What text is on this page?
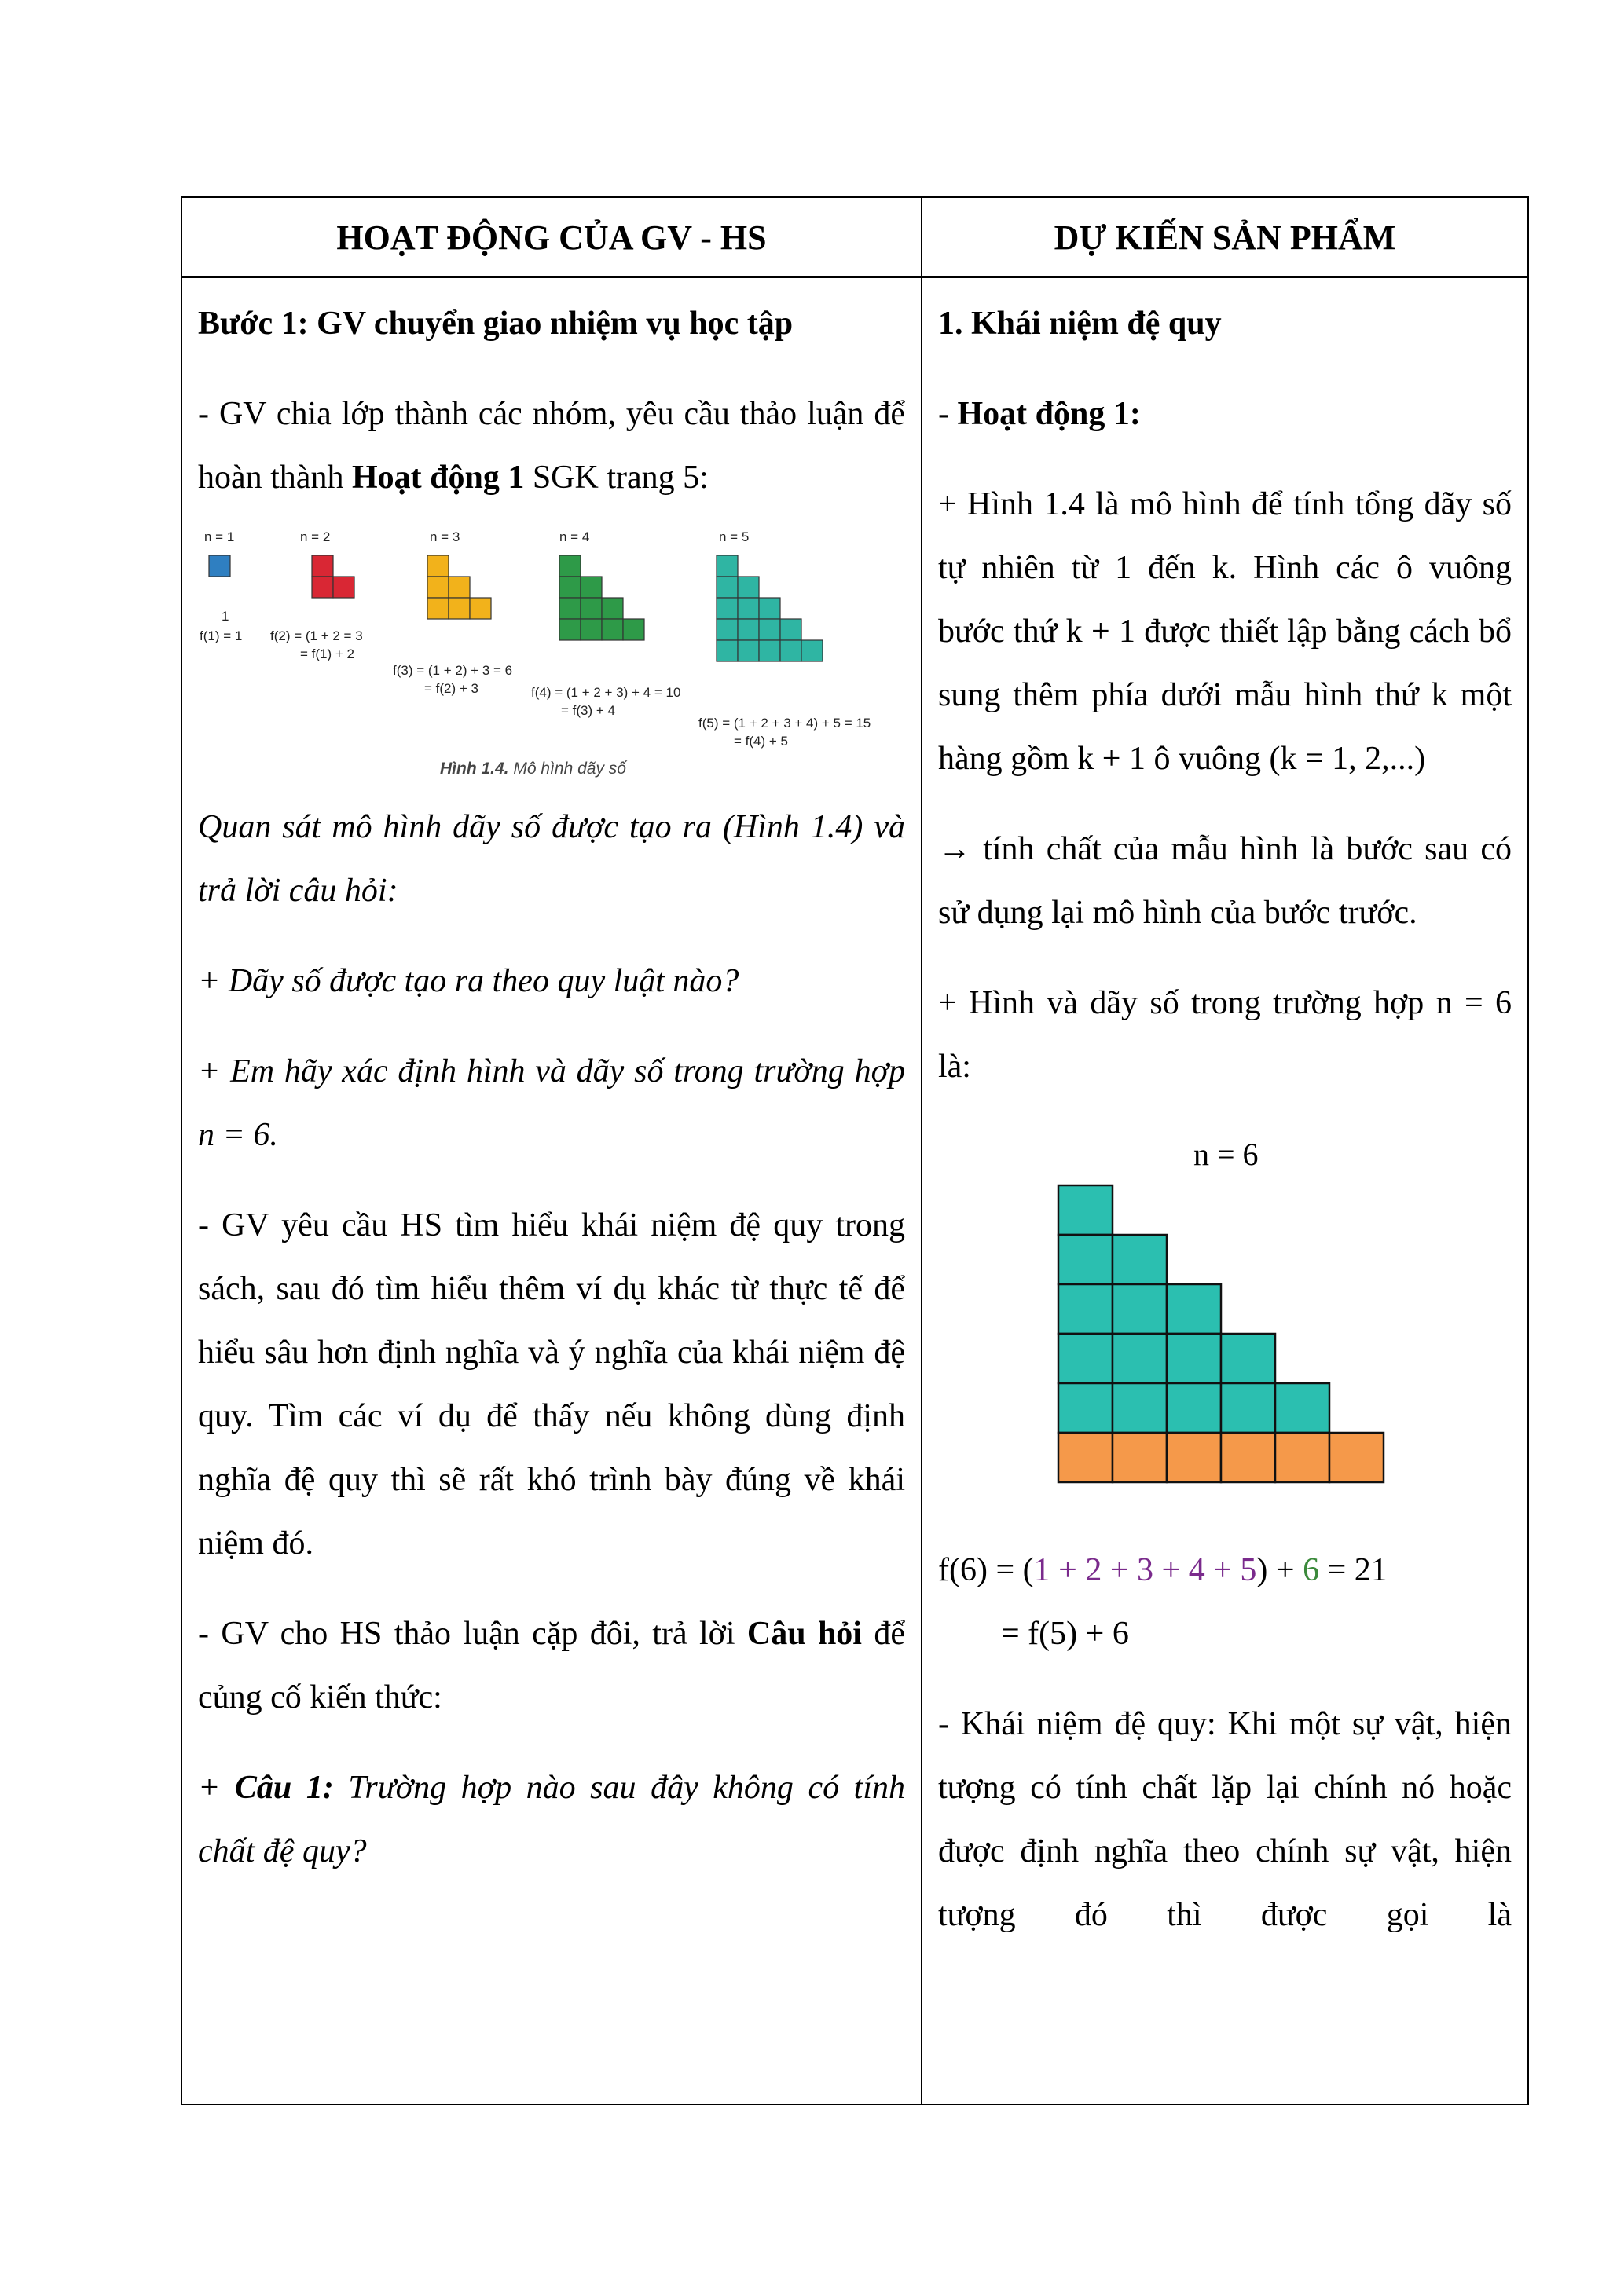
HOẠT ĐỘNG CỦA GV - HS	DỰ KIẾN SẢN PHẨM

Bước 1: GV chuyển giao nhiệm vụ học tập

- GV chia lớp thành các nhóm, yêu cầu thảo luận để hoàn thành Hoạt động 1 SGK trang 5:

n = 1	n = 2	n = 3	n = 4	n = 5
1
f(1) = 1 f(2) = (1 + 2 = 3
= f(1) + 2
f(3) = (1 + 2) + 3 = 6
= f(2) + 3	f(4) = (1 + 2 + 3) + 4 = 10
= f(3) + 4
f(5) = (1 + 2 + 3 + 4) + 5 = 15
= f(4) + 5
Hình 1.4. Mô hình dãy số

Quan sát mô hình dãy số được tạo ra (Hình 1.4) và trả lời câu hỏi:

+ Dãy số được tạo ra theo quy luật nào?

+ Em hãy xác định hình và dãy số trong trường hợp n = 6.

- GV yêu cầu HS tìm hiểu khái niệm đệ quy trong sách, sau đó tìm hiểu thêm ví dụ khác từ thực tế để hiểu sâu hơn định nghĩa và ý nghĩa của khái niệm đệ quy. Tìm các ví dụ để thấy nếu không dùng định nghĩa đệ quy thì sẽ rất khó trình bày đúng về khái niệm đó.

- GV cho HS thảo luận cặp đôi, trả lời Câu hỏi để củng cố kiến thức:

+ Câu 1: Trường hợp nào sau đây không có tính chất đệ quy?

1. Khái niệm đệ quy

- Hoạt động 1:

+ Hình 1.4 là mô hình để tính tổng dãy số tự nhiên từ 1 đến k. Hình các ô vuông bước thứ k + 1 được thiết lập bằng cách bổ sung thêm phía dưới mẫu hình thứ k một hàng gồm k + 1 ô vuông (k = 1, 2,...)

→ tính chất của mẫu hình là bước sau có sử dụng lại mô hình của bước trước.

+ Hình và dãy số trong trường hợp n = 6 là:

n = 6

f(6) = (1 + 2 + 3 + 4 + 5) + 6 = 21

= f(5) + 6

- Khái niệm đệ quy: Khi một sự vật, hiện tượng có tính chất lặp lại chính nó hoặc được định nghĩa theo chính sự vật, hiện tượng đó thì được gọi là
